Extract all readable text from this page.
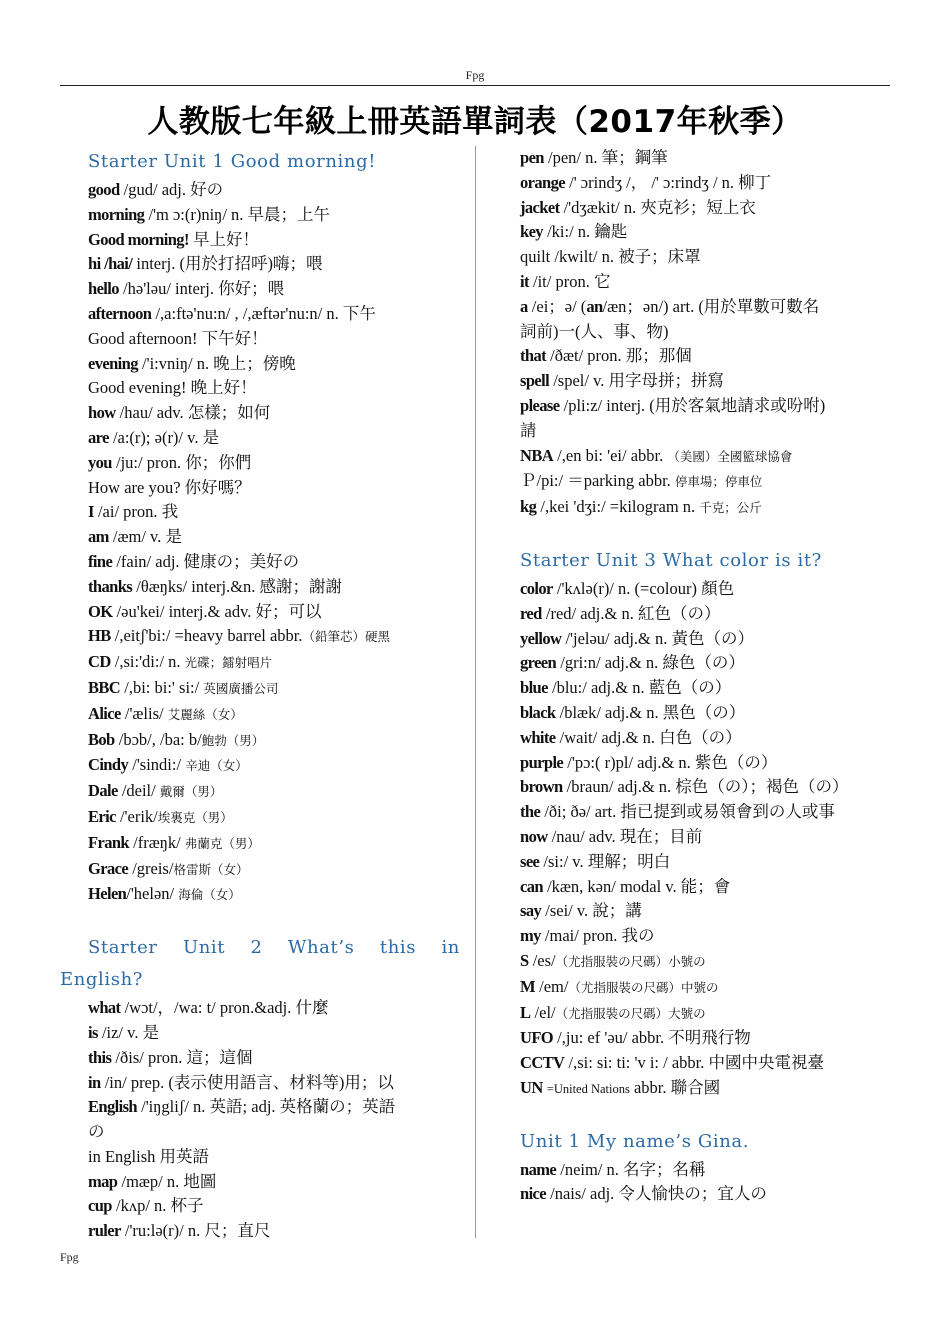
Fpg
人教版七年級上冊英語單詞表（2017年秋季）
Starter Unit 1 Good morning!
good /gud/ adj. 好の
morning /'m ɔ:(r)niŋ/ n. 早晨；上午
Good morning! 早上好！
hi /hai/ interj. (用於打招呼)嗨；喂
hello /hə'ləu/ interj. 你好；喂
afternoon /,a:ftə'nu:n/ , /,æftər'nu:n/ n. 下午
Good afternoon! 下午好！
evening /'i:vniŋ/ n. 晚上；傍晚
Good evening! 晚上好！
how /hau/ adv. 怎樣；如何
are /a:(r); ə(r)/ v. 是
you /ju:/ pron. 你；你們
How are you? 你好嗎？
I /ai/ pron. 我
am /æm/ v. 是
fine /fain/ adj. 健康の；美好の
thanks /θæŋks/ interj.&n. 感謝；謝謝
OK /əu'kei/ interj.& adv. 好；可以
HB /,eitʃ'bi:/ =heavy barrel abbr.（鉛筆芯）硬黑
CD /,si:'di:/ n. 光碟；鐳射唱片
BBC /,bi: bi:' si:/ 英國廣播公司
Alice /'ælis/ 艾麗絲（女）
Bob /bɔb/, /ba: b/鮑勃（男）
Cindy /'sindi:/ 辛迪（女）
Dale /deil/ 戴爾（男）
Eric /'erik/埃裏克（男）
Frank /fræŋk/ 弗蘭克（男）
Grace /greis/格雷斯（女）
Helen/'helən/ 海倫（女）
Starter Unit 2 What’s this in
English?
what /wɔt/，/wa: t/ pron.&adj. 什麼
is /iz/ v. 是
this /ðis/ pron. 這；這個
in /in/ prep. (表示使用語言、材料等)用；以
English /'iŋgliʃ/ n. 英語; adj. 英格蘭の；英語
の
in English 用英語
map /mæp/ n. 地圖
cup /kʌp/ n. 杯子
ruler /'ru:lə(r)/ n. 尺；直尺
pen /pen/ n. 筆；鋼筆
orange /' ɔrindʒ /， /' ɔ:rindʒ / n. 柳丁
jacket /'dʒækit/ n. 夾克衫；短上衣
key /ki:/ n. 鑰匙
quilt /kwilt/ n. 被子；床罩
it /it/ pron. 它
a /ei；ə/ (an/æn；ən/) art. (用於單數可數名
詞前)一(人、事、物)
that /ðæt/ pron. 那；那個
spell /spel/ v. 用字母拼；拼寫
please /pli:z/ interj. (用於客氣地請求或吩咐)
請
NBA /,en bi: 'ei/ abbr. （美國）全國籃球協會
Ｐ/pi:/ ＝parking abbr. 停車場；停車位
kg /,kei 'dʒi:/ =kilogram n. 千克；公斤
Starter Unit 3 What color is it?
color /'kʌlə(r)/ n. (=colour) 顏色
red /red/ adj.& n. 紅色（の）
yellow /'jeləu/ adj.& n. 黃色（の）
green /gri:n/ adj.& n. 綠色（の）
blue /blu:/ adj.& n. 藍色（の）
black /blæk/ adj.& n. 黑色（の）
white /wait/ adj.& n. 白色（の）
purple /'pɔ:( r)pl/ adj.& n. 紫色（の）
brown /braun/ adj.& n. 棕色（の）；褐色（の）
the /ði; ðə/ art. 指已提到或易領會到の人或事
now /nau/ adv. 現在；目前
see /si:/ v. 理解；明白
can /kæn, kən/ modal v. 能；會
say /sei/ v. 說；講
my /mai/ pron. 我の
S /es/（尤指服裝の尺碼）小號の
M /em/（尤指服裝の尺碼）中號の
L /el/（尤指服裝の尺碼）大號の
UFO /,ju: ef 'əu/ abbr. 不明飛行物
CCTV /,si: si: ti: 'v i: / abbr. 中國中央電視臺
UN =United Nations abbr. 聯合國
Unit 1 My name’s Gina.
name /neim/ n. 名字；名稱
nice /nais/ adj. 令人愉快の；宜人の
Fpg
